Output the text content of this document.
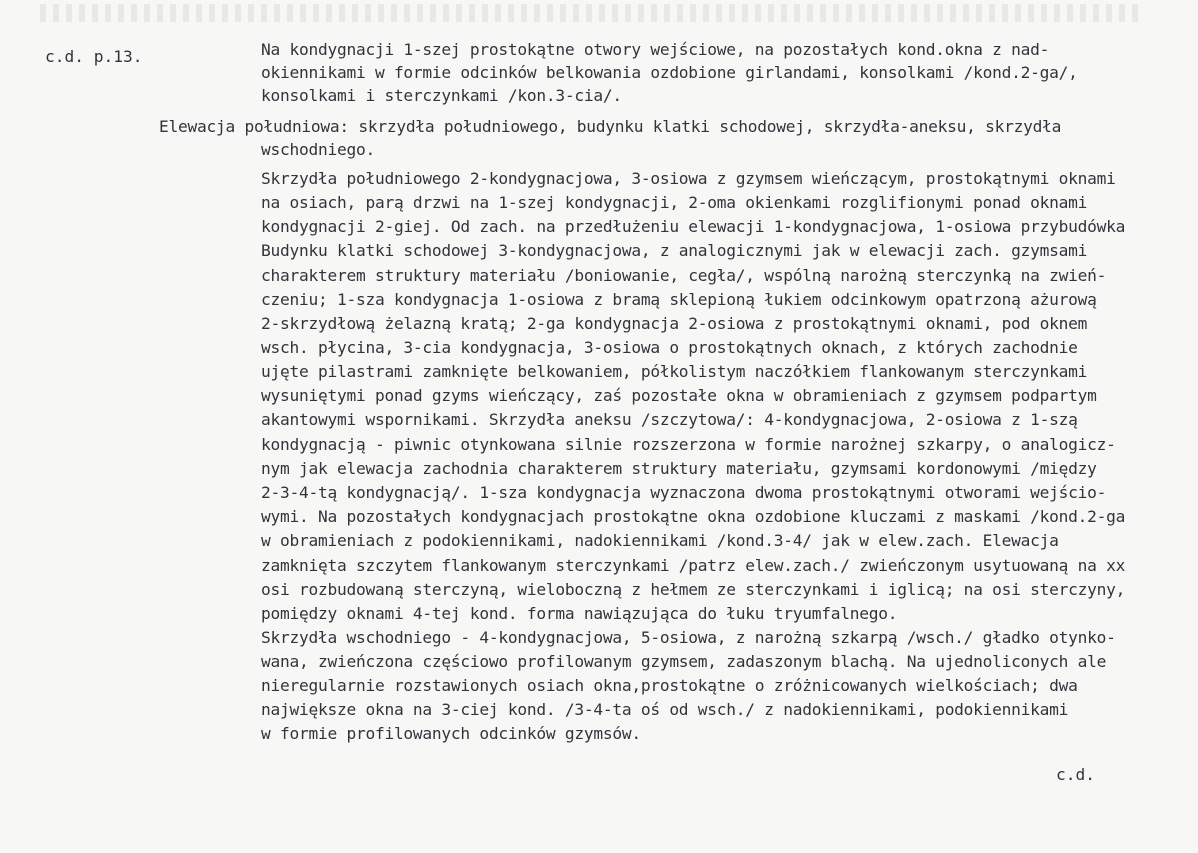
c.d. p.13.	Na kondygnacji 1-szej prostokątne otwory wejściowe, na pozostałych kond.okna z nad-
okiennikami w formie odcinków belkowania ozdobione girlandami, konsolkami /kond.2-ga/,
konsolkami i sterczynkami /kon.3-cia/.
Elewacja południowa: skrzydła południowego, budynku klatki schodowej, skrzydła-aneksu, skrzydła
wschodniego.
Skrzydła południowego 2-kondygnacjowa, 3-osiowa z gzymsem wieńczącym, prostokątnymi oknami
na osiach, parą drzwi na 1-szej kondygnacji, 2-oma okienkami rozglifionymi ponad oknami
kondygnacji 2-giej. Od zach. na przedłużeniu elewacji 1-kondygnacjowa, 1-osiowa przybudówka
Budynku klatki schodowej 3-kondygnacjowa, z analogicznymi jak w elewacji zach. gzymsami
charakterem struktury materiału /boniowanie, cegła/, wspólną narożną sterczynką na zwień-
czeniu; 1-sza kondygnacja 1-osiowa z bramą sklepioną łukiem odcinkowym opatrzoną ażurową
2-skrzydłową żelazną kratą; 2-ga kondygnacja 2-osiowa z prostokątnymi oknami, pod oknem
wsch. płycina, 3-cia kondygnacja, 3-osiowa o prostokątnych oknach, z których zachodnie
ujęte pilastrami zamknięte belkowaniem, półkolistym naczółkiem flankowanym sterczynkami
wysuniętymi ponad gzyms wieńczący, zaś pozostałe okna w obramieniach z gzymsem podpartym
akantowymi wspornikami. Skrzydła aneksu /szczytowa/: 4-kondygnacjowa, 2-osiowa z 1-szą
kondygnacją - piwnic otynkowana silnie rozszerzona w formie narożnej szkarpy, o analogicz-
nym jak elewacja zachodnia charakterem struktury materiału, gzymsami kordonowymi /między
2-3-4-tą kondygnacją/. 1-sza kondygnacja wyznaczona dwoma prostokątnymi otworami wejścio-
wymi. Na pozostałych kondygnacjach prostokątne okna ozdobione kluczami z maskami /kond.2-ga
w obramieniach z podokiennikami, nadokiennikami /kond.3-4/ jak w elew.zach. Elewacja
zamknięta szczytem flankowanym sterczynkami /patrz elew.zach./ zwieńczonym usytuowaną na xx
osi rozbudowaną sterczyną, wieloboczną z hełmem ze sterczynkami i iglicą; na osi sterczyny,
pomiędzy oknami 4-tej kond. forma nawiązująca do łuku tryumfalnego.
Skrzydła wschodniego - 4-kondygnacjowa, 5-osiowa, z narożną szkarpą /wsch./ gładko otynko-
wana, zwieńczona częściowo profilowanym gzymsem, zadaszonym blachą. Na ujednoliconych ale
nieregularnie rozstawionych osiach okna,prostokątne o zróżnicowanych wielkościach; dwa
największe okna na 3-ciej kond. /3-4-ta oś od wsch./ z nadokiennikami, podokiennikami
w formie profilowanych odcinków gzymsów.
c.d.
